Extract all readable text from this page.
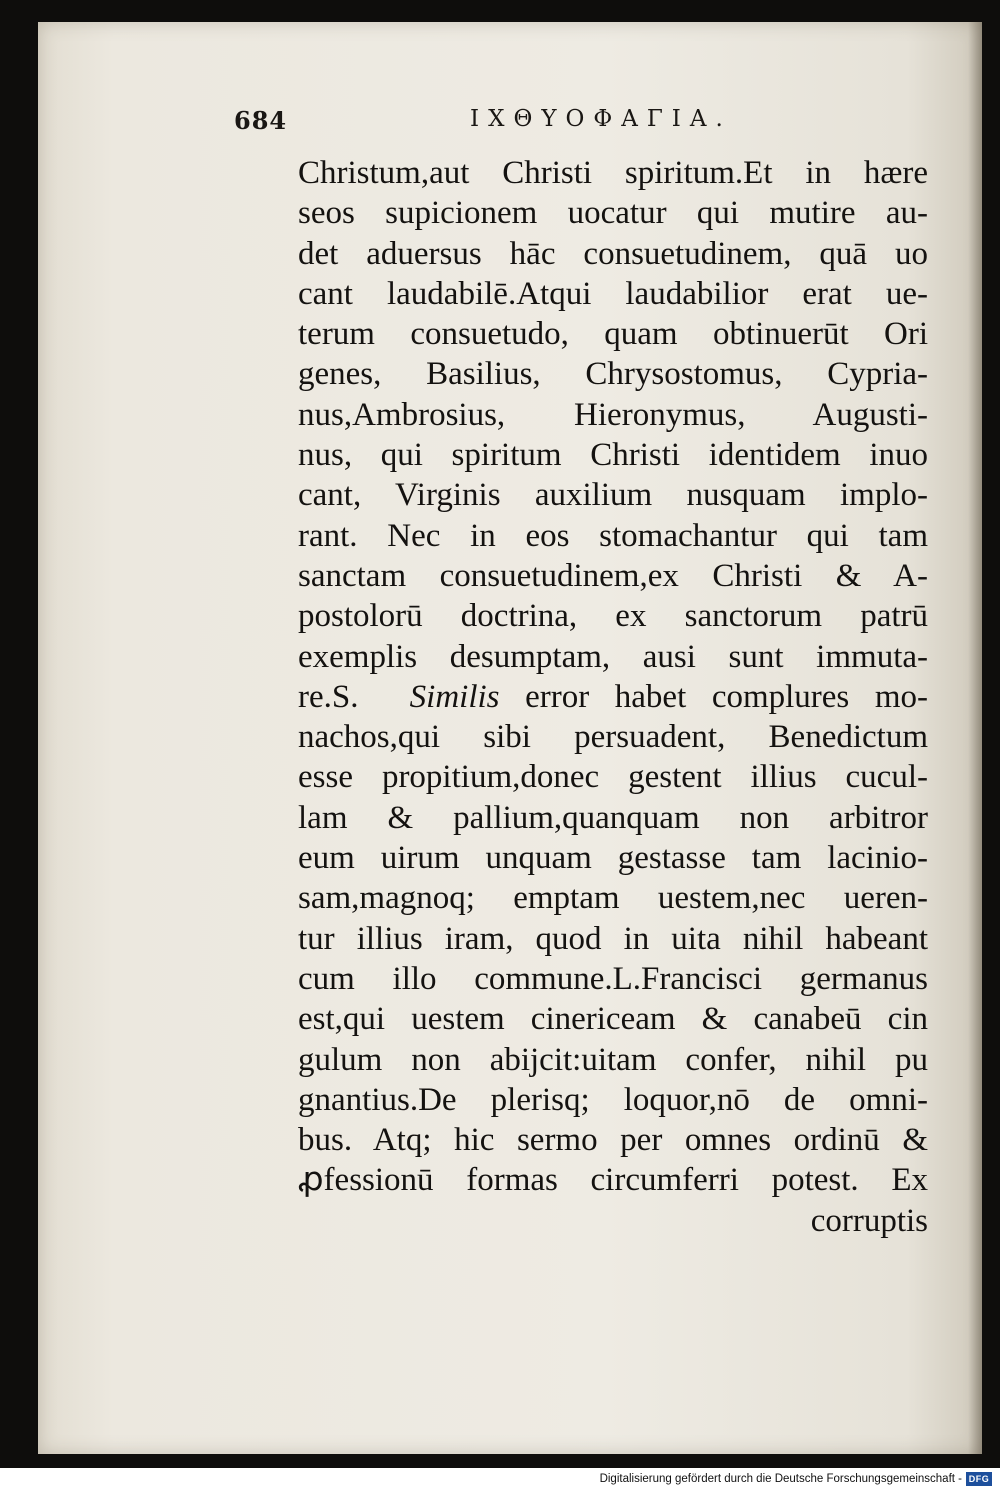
684	ΙΧΘΥΟΦΑΓΙΑ.
Christum,aut Christi spiritum.Et in hære
seos supicionem uocatur qui mutire au-
det aduersus hāc consuetudinem, quā uo
cant laudabilē.Atqui laudabilior erat ue-
terum consuetudo, quam obtinuerūt Ori
genes, Basilius, Chrysostomus, Cypria-
nus,Ambrosius, Hieronymus, Augusti-
nus, qui spiritum Christi identidem inuo
cant, Virginis auxilium nusquam implo-
rant. Nec in eos stomachantur qui tam
sanctam consuetudinem,ex Christi & A-
postolorū doctrina, ex sanctorum patrū
exemplis desumptam, ausi sunt immuta-
re.S. Similis error habet complures mo-
nachos,qui sibi persuadent, Benedictum
esse propitium,donec gestent illius cucul-
lam & pallium,quanquam non arbitror
eum uirum unquam gestasse tam lacinio-
sam,magnoq; emptam uestem,nec ueren-
tur illius iram, quod in uita nihil habeant
cum illo commune.L.Francisci germanus
est,qui uestem cinericeam & canabeū cin
gulum non abijcit:uitam confer, nihil pu
gnantius.De plerisq; loquor,nō de omni-
bus. Atq; hic sermo per omnes ordinū &
ꝓfessionū formas circumferri potest. Ex
corruptis
Digitalisierung gefördert durch die Deutsche Forschungsgemeinschaft - DFG
